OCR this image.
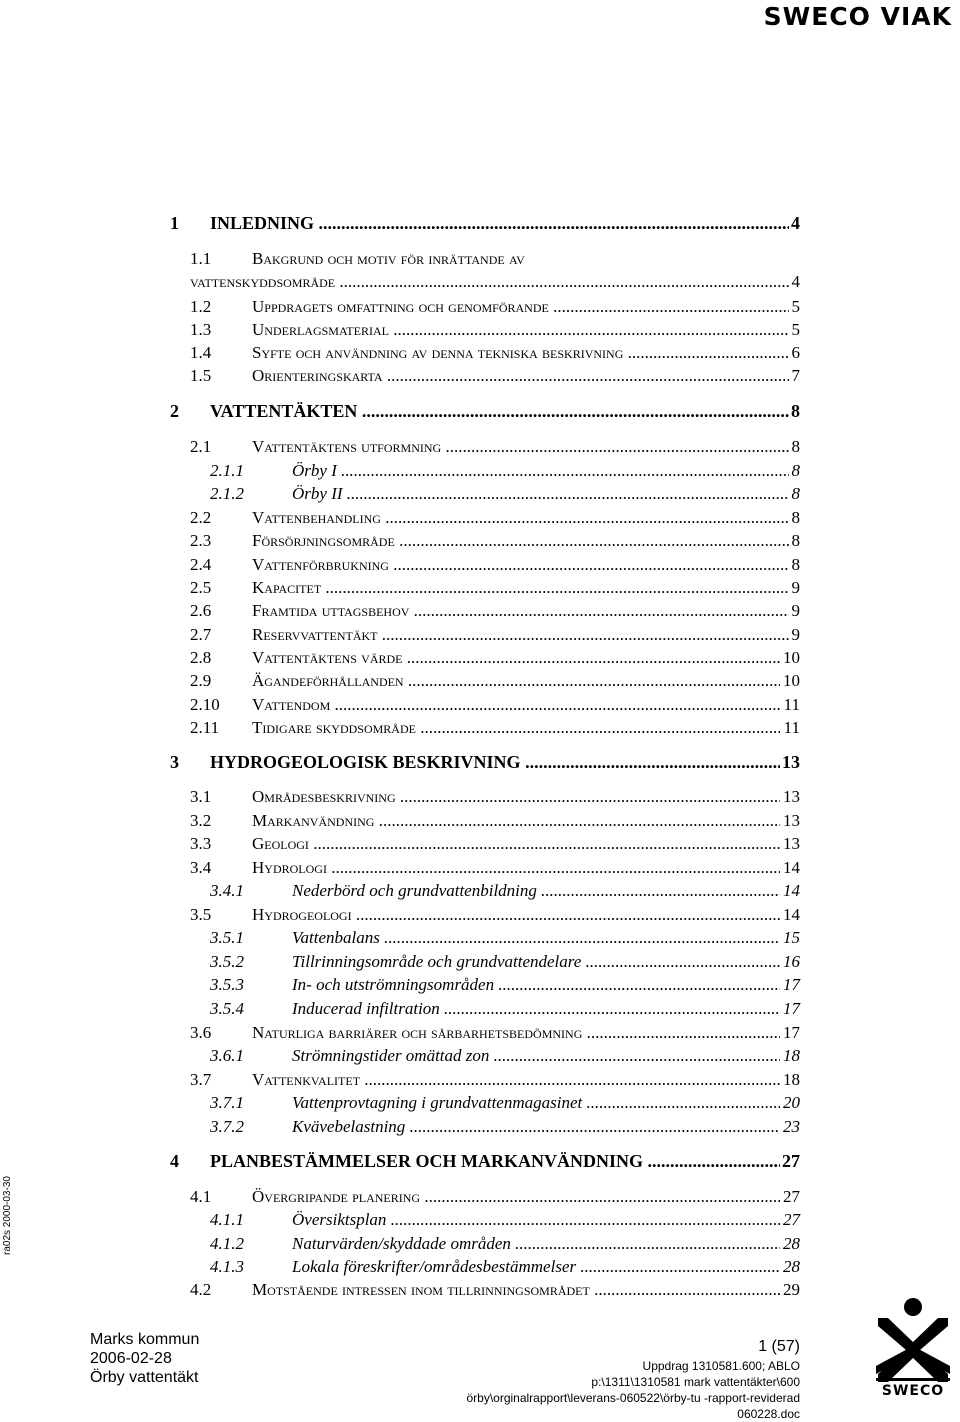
SWECO VIAK
1 INLEDNING .....	4
1.1 Bakgrund och motiv för inrättande av
vattenskyddsområde .....	4
1.2 Uppdragets omfattning och genomförande .....	5
1.3 Underlagsmaterial .....	5
1.4 Syfte och användning av denna tekniska beskrivning .....	6
1.5 Orienteringskarta .....	7
2 VATTENTÄKTEN .....	8
2.1 Vattentäktens utformning .....	8
2.1.1	Örby I .....	8
2.1.2	Örby II .....	8
2.2 Vattenbehandling .....	8
2.3 Försörjningsområde .....	8
2.4 Vattenförbrukning .....	8
2.5 Kapacitet .....	9
2.6 Framtida uttagsbehov .....	9
2.7 Reservvattentäkt .....	9
2.8 Vattentäktens värde .....	10
2.9 Ägandeförhållanden .....	10
2.10 Vattendom .....	11
2.11 Tidigare skyddsområde .....	11
3 HYDROGEOLOGISK BESKRIVNING .....	13
3.1 Områdesbeskrivning .....	13
3.2 Markanvändning .....	13
3.3 Geologi .....	13
3.4 Hydrologi .....	14
3.4.1	Nederbörd och grundvattenbildning .....	14
3.5 Hydrogeologi .....	14
3.5.1	Vattenbalans .....	15
3.5.2	Tillrinningsområde och grundvattendelare .....	16
3.5.3	In- och utströmningsområden .....	17
3.5.4	Inducerad infiltration .....	17
3.6 Naturliga barriärer och sårbarhetsbedömning .....	17
3.6.1	Strömningstider omättad zon .....	18
3.7 Vattenkvalitet .....	18
3.7.1	Vattenprovtagning i grundvattenmagasinet .....	20
3.7.2	Kvävebelastning .....	23
4 PLANBESTÄMMELSER OCH MARKANVÄNDNING .....	27
4.1 Övergripande planering .....	27
4.1.1	Översiktsplan .....	27
4.1.2	Naturvärden/skyddade områden .....	28
4.1.3	Lokala föreskrifter/områdesbestämmelser .....	28
4.2 Motstående intressen inom tillrinningsområdet .....	29
ra02s 2000-03-30
Marks kommun
2006-02-28
Örby vattentäkt
1 (57)
Uppdrag 1310581.600; ABLO
p:\1311\1310581 mark vattentäkter\600
örby\orginalrapport\leverans-060522\örby-tu -rapport-reviderad
060228.doc
SWECO
